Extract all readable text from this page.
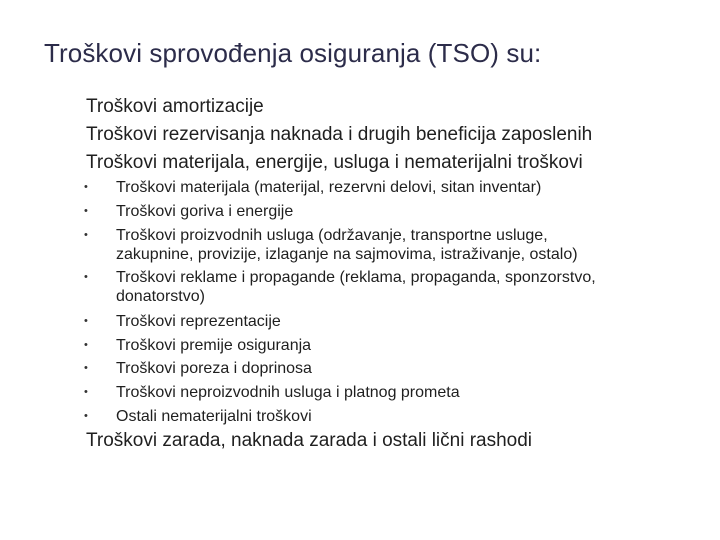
Troškovi sprovođenja osiguranja (TSO) su:
Troškovi amortizacije
Troškovi rezervisanja naknada i drugih beneficija zaposlenih
Troškovi materijala, energije, usluga i nematerijalni troškovi
Troškovi zarada, naknada zarada i ostali lični rashodi
• Troškovi materijala (materijal, rezervni delovi, sitan inventar)
• Troškovi goriva i energije
• Troškovi proizvodnih usluga (održavanje, transportne usluge,
zakupnine, provizije, izlaganje na sajmovima, istraživanje, ostalo)
• Troškovi reklame i propagande (reklama, propaganda, sponzorstvo,
donatorstvo)
• Troškovi reprezentacije
• Troškovi premije osiguranja
• Troškovi poreza i doprinosa
• Troškovi neproizvodnih usluga i platnog prometa
• Ostali nematerijalni troškovi
